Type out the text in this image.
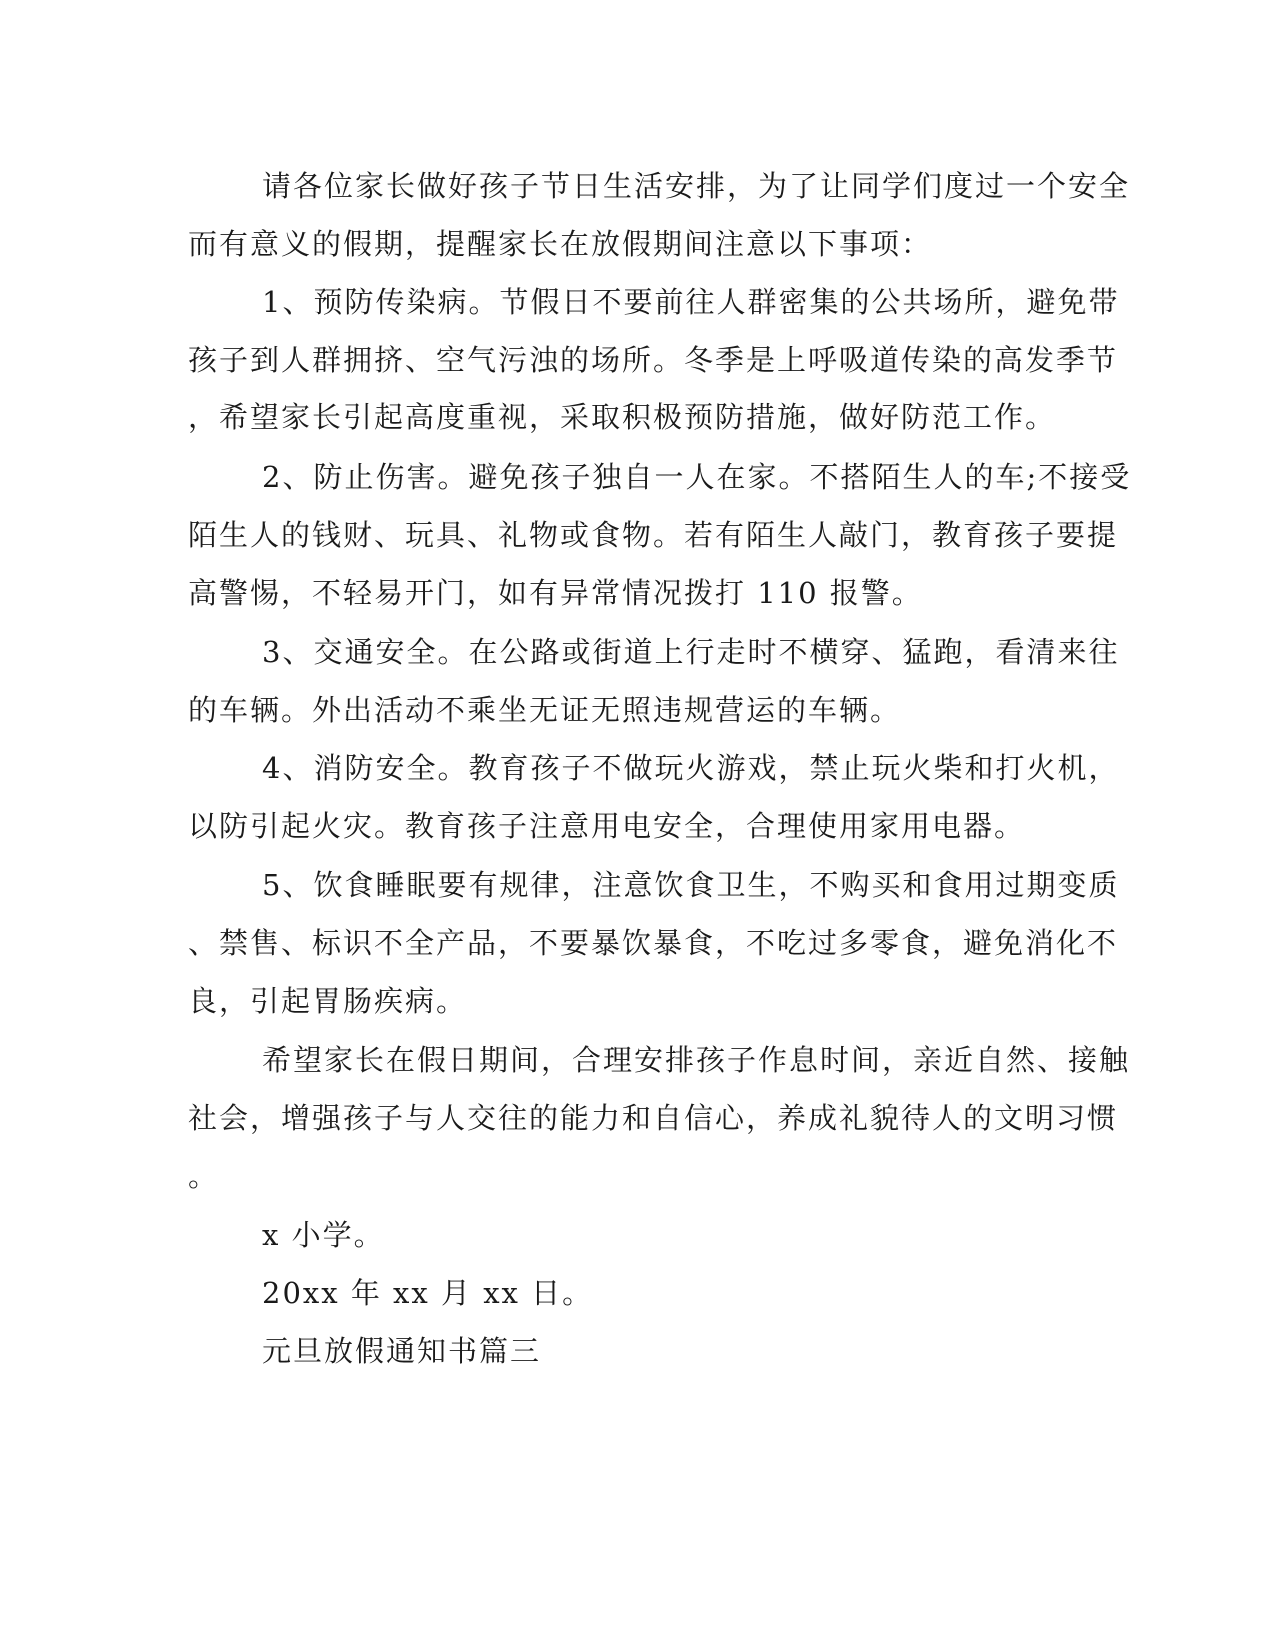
请各位家长做好孩子节日生活安排，为了让同学们度过一个安全

而有意义的假期，提醒家长在放假期间注意以下事项：

1、预防传染病。节假日不要前往人群密集的公共场所，避免带

孩子到人群拥挤、空气污浊的场所。冬季是上呼吸道传染的高发季节

，希望家长引起高度重视，采取积极预防措施，做好防范工作。

2、防止伤害。避免孩子独自一人在家。不搭陌生人的车;不接受

陌生人的钱财、玩具、礼物或食物。若有陌生人敲门，教育孩子要提

高警惕，不轻易开门，如有异常情况拨打 110 报警。

3、交通安全。在公路或街道上行走时不横穿、猛跑，看清来往

的车辆。外出活动不乘坐无证无照违规营运的车辆。

4、消防安全。教育孩子不做玩火游戏，禁止玩火柴和打火机，

以防引起火灾。教育孩子注意用电安全，合理使用家用电器。

5、饮食睡眠要有规律，注意饮食卫生，不购买和食用过期变质

、禁售、标识不全产品，不要暴饮暴食，不吃过多零食，避免消化不

良，引起胃肠疾病。

希望家长在假日期间，合理安排孩子作息时间，亲近自然、接触

社会，增强孩子与人交往的能力和自信心，养成礼貌待人的文明习惯

。

x 小学。

20xx 年 xx 月 xx 日。

元旦放假通知书篇三
